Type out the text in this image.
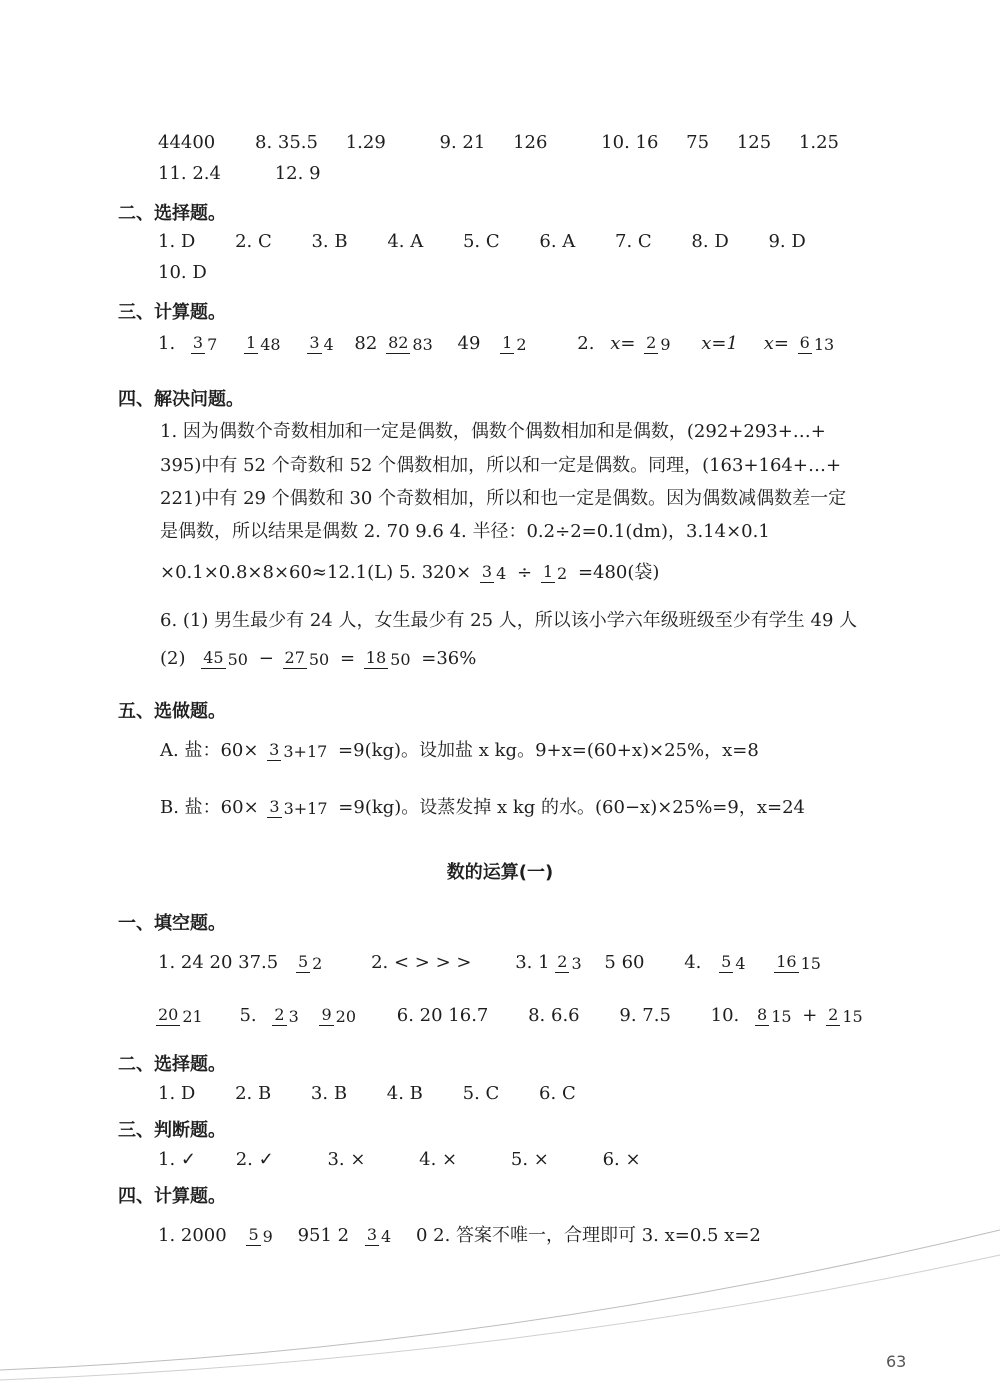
44400 8. 35.5 1.29	9. 21 126	10. 16 75 125 1.25
11. 2.4	12. 9
二、选择题。
1. D 2. C 3. B 4. A 5. C 6. A 7. C 8. D 9. D
10. D
三、计算题。
1. 3 7 1 48 3 4 82 82 83 49 1 2	2. x= 2 9 x=1 x= 6 13
四、解决问题。
1. 因为偶数个奇数相加和一定是偶数，偶数个偶数相加和是偶数，(292+293+…+
395)中有 52 个奇数和 52 个偶数相加，所以和一定是偶数。同理，(163+164+…+
221)中有 29 个偶数和 30 个奇数相加，所以和也一定是偶数。因为偶数减偶数差一定
是偶数，所以结果是偶数 2. 70 9.6 4. 半径：0.2÷2=0.1(dm)，3.14×0.1
×0.1×0.8×8×60≈12.1(L) 5. 320× 3 4 ÷ 1 2 =480(袋)
6. (1) 男生最少有 24 人，女生最少有 25 人，所以该小学六年级班级至少有学生 49 人
(2) 45 50 − 27 50 = 18 50 =36%
五、选做题。
A. 盐：60× 3 3+17 =9(kg)。设加盐 x kg。9+x=(60+x)×25%，x=8
B. 盐：60× 3 3+17 =9(kg)。设蒸发掉 x kg 的水。(60−x)×25%=9，x=24
数的运算(一)
一、填空题。
1. 24 20 37.5 5 2	2. < > > > 3. 1 2 3 5 60 4. 5 4 16 15
20 21 5. 2 3 9 20 6. 20 16.7 8. 6.6 9. 7.5 10. 8 15 + 2 15
二、选择题。
1. D 2. B 3. B 4. B 5. C 6. C
三、判断题。
1. ✓ 2. ✓	3. ×	4. ×	5. ×	6. ×
四、计算题。
1. 2000 5 9 951 2 3 4 0 2. 答案不唯一，合理即可 3. x=0.5 x=2
63
